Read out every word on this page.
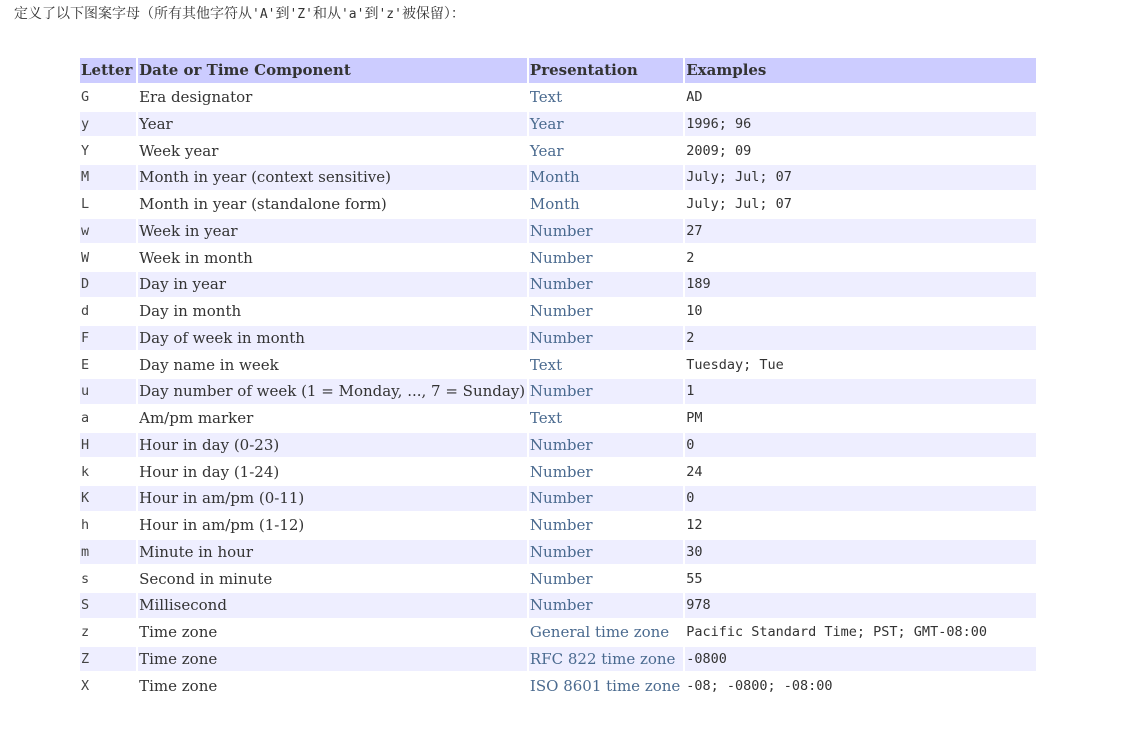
定义了以下图案字母（所有其他字符从'A'到'Z'和从'a'到'z'被保留）：
Letter	Date or Time Component	Presentation	Examples
G	Era designator	Text	AD
y	Year	Year	1996; 96
Y	Week year	Year	2009; 09
M	Month in year (context sensitive)	Month	July; Jul; 07
L	Month in year (standalone form)	Month	July; Jul; 07
w	Week in year	Number	27
W	Week in month	Number	2
D	Day in year	Number	189
d	Day in month	Number	10
F	Day of week in month	Number	2
E	Day name in week	Text	Tuesday; Tue
u	Day number of week (1 = Monday, ..., 7 = Sunday)	Number	1
a	Am/pm marker	Text	PM
H	Hour in day (0-23)	Number	0
k	Hour in day (1-24)	Number	24
K	Hour in am/pm (0-11)	Number	0
h	Hour in am/pm (1-12)	Number	12
m	Minute in hour	Number	30
s	Second in minute	Number	55
S	Millisecond	Number	978
z	Time zone	General time zone	Pacific Standard Time; PST; GMT-08:00
Z	Time zone	RFC 822 time zone	-0800
X	Time zone	ISO 8601 time zone	-08; -0800; -08:00
